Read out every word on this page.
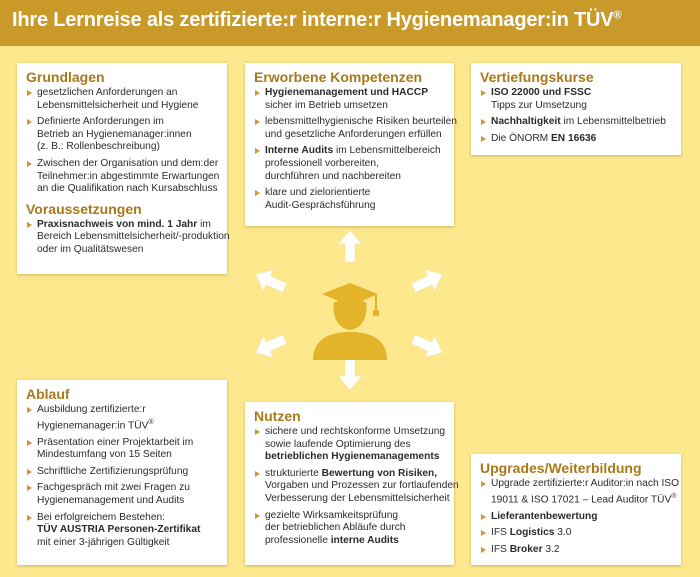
Ihre Lernreise als zertifizierte:r interne:r Hygienemanager:in TÜV®
Grundlagen
gesetzlichen Anforderungen an
Lebensmittelsicherheit und Hygiene
Definierte Anforderungen im
Betrieb an Hygienemanager:innen
(z. B.: Rollenbeschreibung)
Zwischen der Organisation und dem:der
Teilnehmer:in abgestimmte Erwartungen
an die Qualifikation nach Kursabschluss
Voraussetzungen
Praxisnachweis von mind. 1 Jahr im
Bereich Lebensmittelsicherheit/-produktion
oder im Qualitätswesen
Erworbene Kompetenzen
Hygienemanagement und HACCP
sicher im Betrieb umsetzen
lebensmittelhygienische Risiken beurteilen
und gesetzliche Anforderungen erfüllen
Interne Audits im Lebensmittelbereich
professionell vorbereiten,
durchführen und nachbereiten
klare und zielorientierte
Audit-Gesprächsführung
Vertiefungskurse
ISO 22000 und FSSC
Tipps zur Umsetzung
Nachhaltigkeit im Lebensmittelbetrieb
Die ÖNORM EN 16636
Ablauf
Ausbildung zertifizierte:r
Hygienemanager:in TÜV®
Präsentation einer Projektarbeit im
Mindestumfang von 15 Seiten
Schriftliche Zertifizierungsprüfung
Fachgespräch mit zwei Fragen zu
Hygienemanagement und Audits
Bei erfolgreichem Bestehen:
TÜV AUSTRIA Personen-Zertifikat
mit einer 3-jährigen Gültigkeit
Nutzen
sichere und rechtskonforme Umsetzung
sowie laufende Optimierung des
betrieblichen Hygienemanagements
strukturierte Bewertung von Risiken,
Vorgaben und Prozessen zur fortlaufenden
Verbesserung der Lebensmittelsicherheit
gezielte Wirksamkeitsprüfung
der betrieblichen Abläufe durch
professionelle interne Audits
Upgrades/Weiterbildung
Upgrade zertifizierte:r Auditor:in nach ISO
19011 & ISO 17021 – Lead Auditor TÜV®
Lieferantenbewertung
IFS Logistics 3.0
IFS Broker 3.2
